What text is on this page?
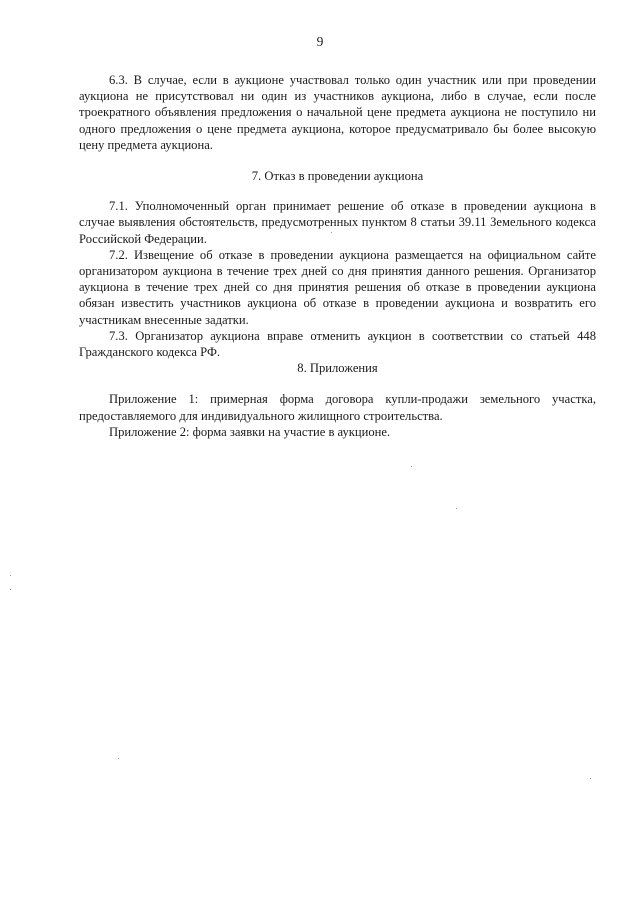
9

6.3. В случае, если в аукционе участвовал только один участник или при проведении аукциона не присутствовал ни один из участников аукциона, либо в случае, если после троекратного объявления предложения о начальной цене предмета аукциона не поступило ни одного предложения о цене предмета аукциона, которое предусматривало бы более высокую цену предмета аукциона.

7. Отказ в проведении аукциона

7.1. Уполномоченный орган принимает решение об отказе в проведении аукциона в случае выявления обстоятельств, предусмотренных пунктом 8 статьи 39.11 Земельного кодекса Российской Федерации.

7.2. Извещение об отказе в проведении аукциона размещается на официальном сайте организатором аукциона в течение трех дней со дня принятия данного решения. Организатор аукциона в течение трех дней со дня принятия решения об отказе в проведении аукциона обязан известить участников аукциона об отказе в проведении аукциона и возвратить его участникам внесенные задатки.

7.3. Организатор аукциона вправе отменить аукцион в соответствии со статьей 448 Гражданского кодекса РФ.

8. Приложения

Приложение 1: примерная форма договора купли-продажи земельного участка, предоставляемого для индивидуального жилищного строительства.

Приложение 2: форма заявки на участие в аукционе.
